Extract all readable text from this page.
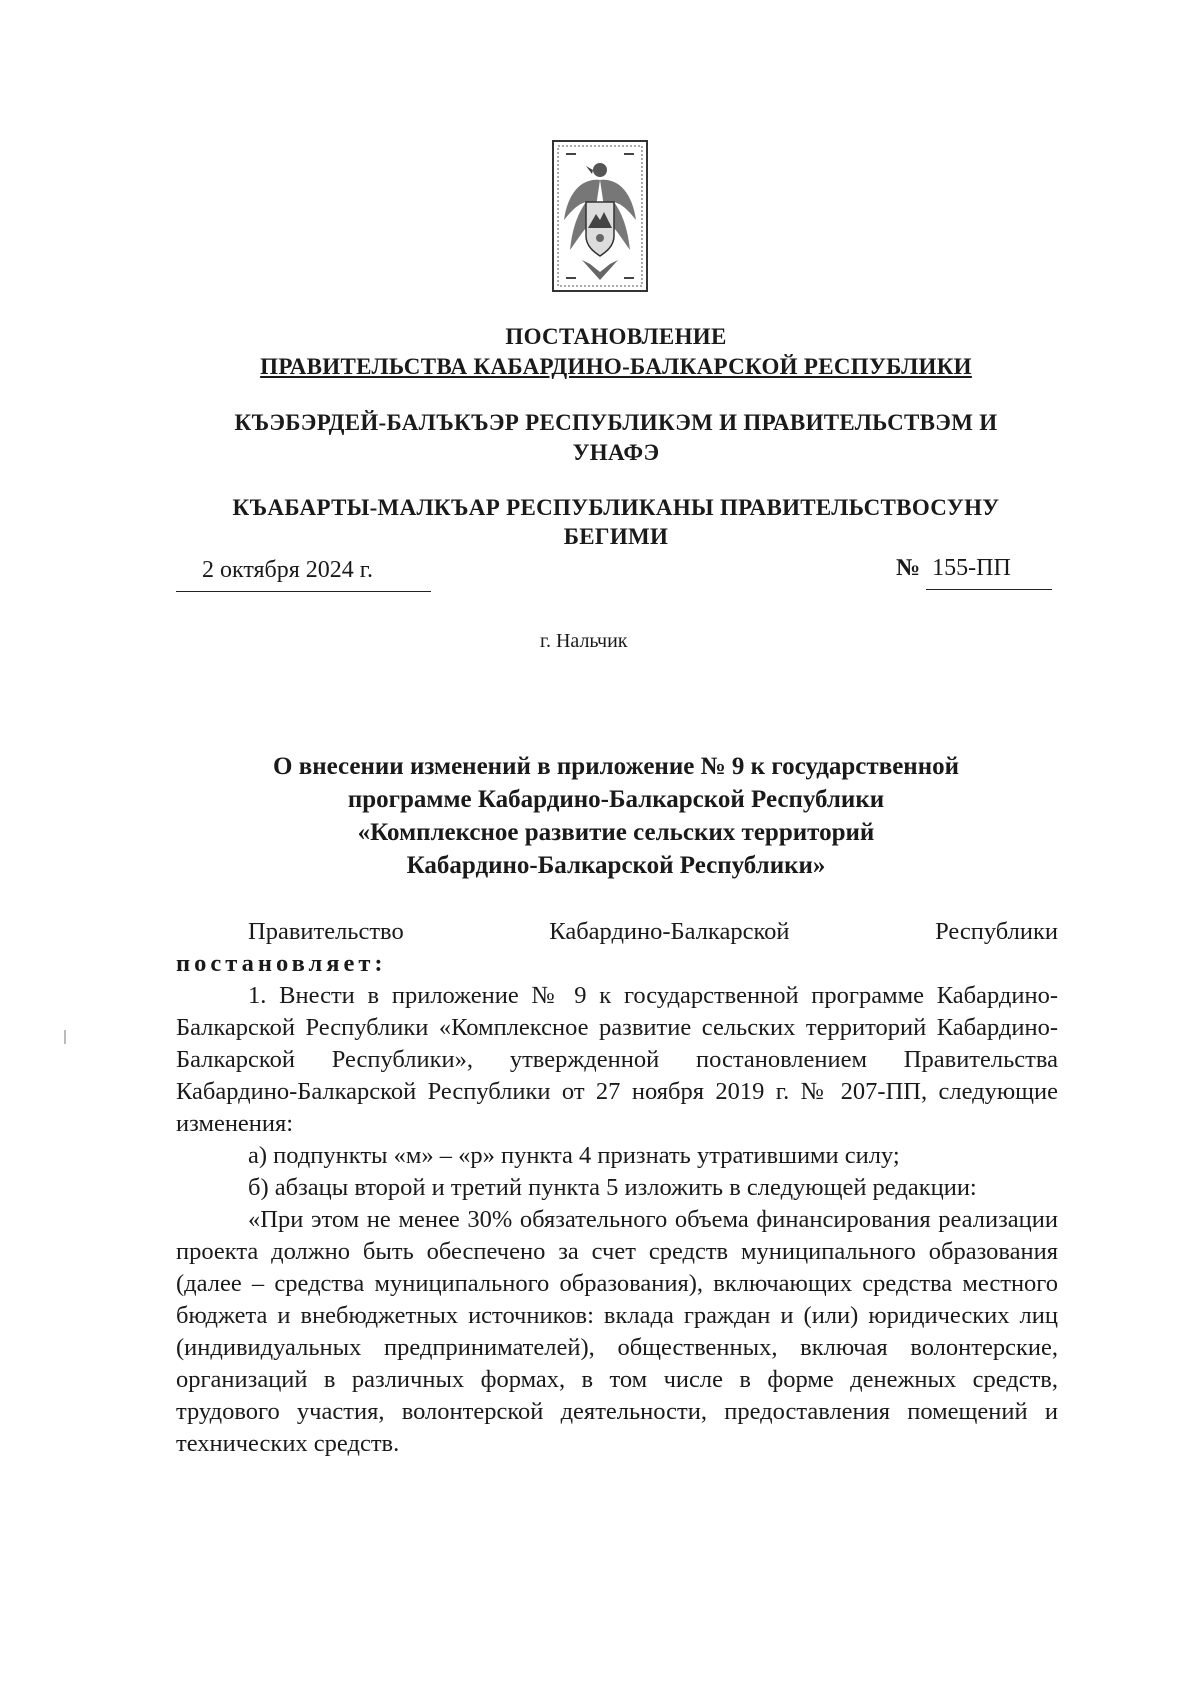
ПОСТАНОВЛЕНИЕ
ПРАВИТЕЛЬСТВА КАБАРДИНО-БАЛКАРСКОЙ РЕСПУБЛИКИ
КЪЭБЭРДЕЙ-БАЛЪКЪЭР РЕСПУБЛИКЭМ И ПРАВИТЕЛЬСТВЭМ И
УНАФЭ
КЪАБАРТЫ-МАЛКЪАР РЕСПУБЛИКАНЫ ПРАВИТЕЛЬСТВОСУНУ
БЕГИМИ
2 октября 2024 г.	№ 155-ПП
г. Нальчик
О внесении изменений в приложение № 9 к государственной
программе Кабардино-Балкарской Республики
«Комплексное развитие сельских территорий
Кабардино-Балкарской Республики»
Правительство	Кабардино-Балкарской	Республики

постановляет:

1. Внести в приложение № 9 к государственной программе Кабардино-Балкарской Республики «Комплексное развитие сельских территорий Кабардино-Балкарской Республики», утвержденной постановлением Правительства Кабардино-Балкарской Республики от 27 ноября 2019 г. № 207-ПП, следующие изменения:

а) подпункты «м» – «р» пункта 4 признать утратившими силу;

б) абзацы второй и третий пункта 5 изложить в следующей редакции:

«При этом не менее 30% обязательного объема финансирования реализации проекта должно быть обеспечено за счет средств муниципального образования (далее – средства муниципального образования), включающих средства местного бюджета и внебюджетных источников: вклада граждан и (или) юридических лиц (индивидуальных предпринимателей), общественных, включая волонтерские, организаций в различных формах, в том числе в форме денежных средств, трудового участия, волонтерской деятельности, предоставления помещений и технических средств.
